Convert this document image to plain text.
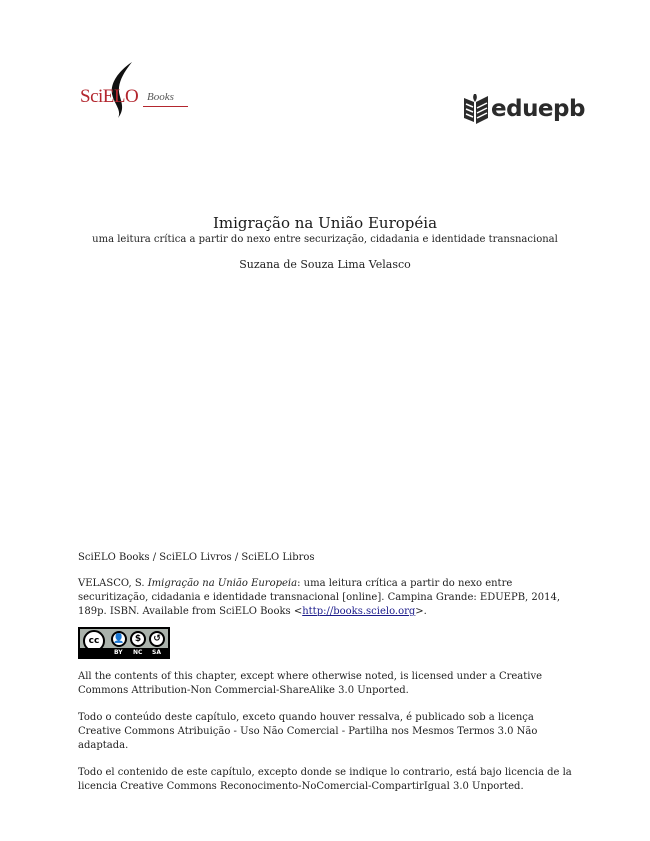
SciELO Books	eduepb
Imigração na União Européia
uma leitura crítica a partir do nexo entre securização, cidadania e identidade transnacional
Suzana de Souza Lima Velasco

SciELO Books / SciELO Livros / SciELO Libros

VELASCO, S. Imigração na União Europeia: uma leitura crítica a partir do nexo entre securitização, cidadania e identidade transnacional [online]. Campina Grande: EDUEPB, 2014, 189p. ISBN. Available from SciELO Books <http://books.scielo.org>.

cc 👤	$	↺
BY NC SA

All the contents of this chapter, except where otherwise noted, is licensed under a Creative Commons Attribution-Non Commercial-ShareAlike 3.0 Unported.

Todo o conteúdo deste capítulo, exceto quando houver ressalva, é publicado sob a licença Creative Commons Atribuição - Uso Não Comercial - Partilha nos Mesmos Termos 3.0 Não adaptada.

Todo el contenido de este capítulo, excepto donde se indique lo contrario, está bajo licencia de la licencia Creative Commons Reconocimento-NoComercial-CompartirIgual 3.0 Unported.
